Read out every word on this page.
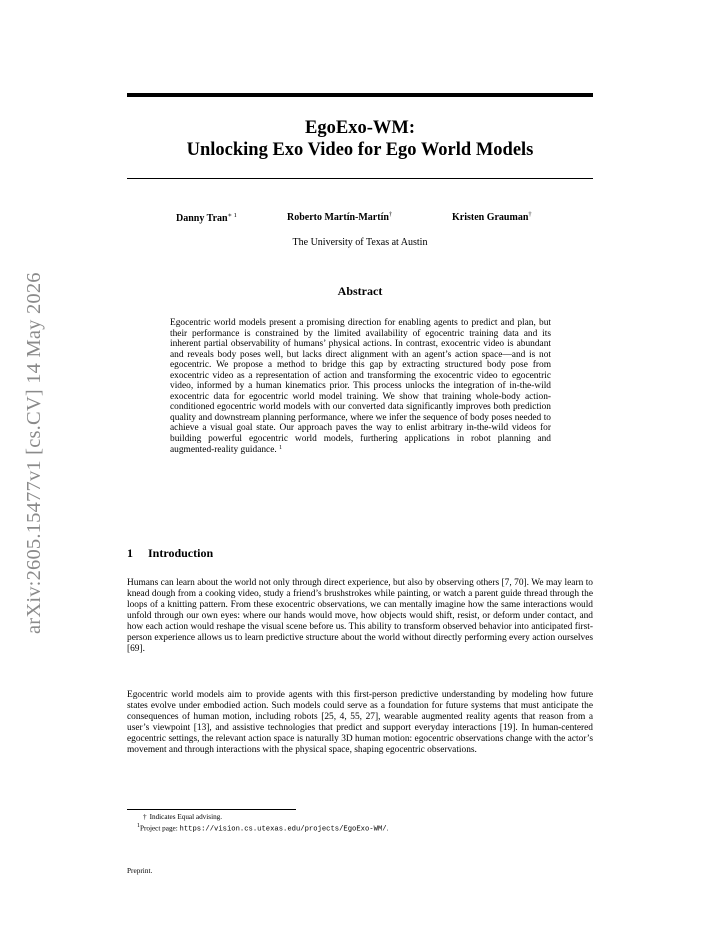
arXiv:2605.15477v1 [cs.CV] 14 May 2026
EgoExo-WM:
Unlocking Exo Video for Ego World Models
Danny Tran$^{∗ 1}$	Roberto Martín-Martín†	Kristen Grauman†
The University of Texas at Austin
Abstract
Egocentric world models present a promising direction for enabling agents to predict and plan, but their performance is constrained by the limited availability of egocentric training data and its inherent partial observability of humans’ physical actions. In contrast, exocentric video is abundant and reveals body poses well, but lacks direct alignment with an agent’s action space—and is not egocentric. We propose a method to bridge this gap by extracting structured body pose from exocentric video as a representation of action and transforming the exocentric video to egocentric video, informed by a human kinematics prior. This process unlocks the integration of in-the-wild exocentric data for egocentric world model training. We show that training whole-body action-conditioned egocentric world models with our converted data significantly improves both prediction quality and downstream planning performance, where we infer the sequence of body poses needed to achieve a visual goal state. Our approach paves the way to enlist arbitrary in-the-wild videos for building powerful egocentric world models, furthering applications in robot planning and augmented-reality guidance. $^1$
1 Introduction

Humans can learn about the world not only through direct experience, but also by observing others [7, 70]. We may learn to knead dough from a cooking video, study a friend’s brushstrokes while painting, or watch a parent guide thread through the loops of a knitting pattern. From these exocentric observations, we can mentally imagine how the same interactions would unfold through our own eyes: where our hands would move, how objects would shift, resist, or deform under contact, and how each action would reshape the visual scene before us. This ability to transform observed behavior into anticipated first-person experience allows us to learn predictive structure about the world without directly performing every action ourselves [69].

Egocentric world models aim to provide agents with this first-person predictive understanding by modeling how future states evolve under embodied action. Such models could serve as a foundation for future systems that must anticipate the consequences of human motion, including robots [25, 4, 55, 27], wearable augmented reality agents that reason from a user’s viewpoint [13], and assistive technologies that predict and support everyday interactions [19]. In human-centered egocentric settings, the relevant action space is naturally 3D human motion: egocentric observations change with the actor’s movement and through interactions with the physical space, shaping egocentric observations.

† Indicates Equal advising.
$^1$Project page: https://vision.cs.utexas.edu/projects/EgoExo-WM/.
Preprint.
